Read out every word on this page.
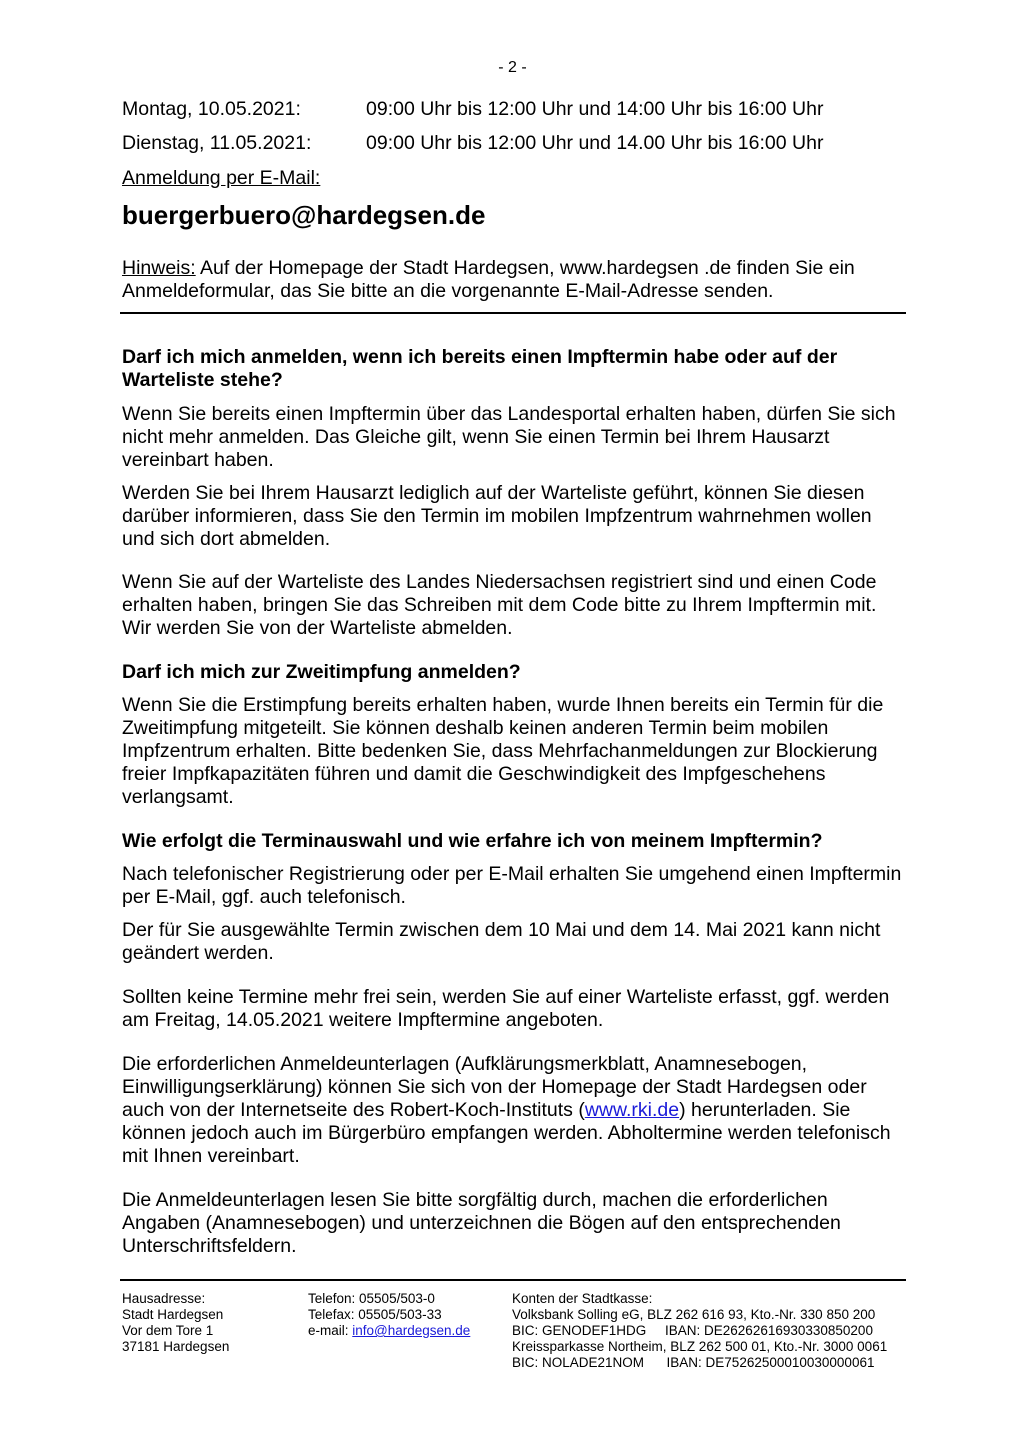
- 2 -
Montag, 10.05.2021:	09:00 Uhr bis 12:00 Uhr und 14:00 Uhr bis 16:00 Uhr
Dienstag, 11.05.2021:	09:00 Uhr bis 12:00 Uhr und 14.00 Uhr bis 16:00 Uhr
Anmeldung per E-Mail:
buergerbuero@hardegsen.de
Hinweis: Auf der Homepage der Stadt Hardegsen, www.hardegsen .de finden Sie ein Anmeldeformular, das Sie bitte an die vorgenannte E-Mail-Adresse senden.
Darf ich mich anmelden, wenn ich bereits einen Impftermin habe oder auf der Warteliste stehe?

Wenn Sie bereits einen Impftermin über das Landesportal erhalten haben, dürfen Sie sich nicht mehr anmelden. Das Gleiche gilt, wenn Sie einen Termin bei Ihrem Hausarzt vereinbart haben.

Werden Sie bei Ihrem Hausarzt lediglich auf der Warteliste geführt, können Sie diesen darüber informieren, dass Sie den Termin im mobilen Impfzentrum wahrnehmen wollen und sich dort abmelden.

Wenn Sie auf der Warteliste des Landes Niedersachsen registriert sind und einen Code erhalten haben, bringen Sie das Schreiben mit dem Code bitte zu Ihrem Impftermin mit. Wir werden Sie von der Warteliste abmelden.

Darf ich mich zur Zweitimpfung anmelden?

Wenn Sie die Erstimpfung bereits erhalten haben, wurde Ihnen bereits ein Termin für die Zweitimpfung mitgeteilt. Sie können deshalb keinen anderen Termin beim mobilen Impfzentrum erhalten. Bitte bedenken Sie, dass Mehrfachanmeldungen zur Blockierung freier Impfkapazitäten führen und damit die Geschwindigkeit des Impfgeschehens verlangsamt.

Wie erfolgt die Terminauswahl und wie erfahre ich von meinem Impftermin?

Nach telefonischer Registrierung oder per E-Mail erhalten Sie umgehend einen Impftermin per E-Mail, ggf. auch telefonisch.

Der für Sie ausgewählte Termin zwischen dem 10 Mai und dem 14. Mai 2021 kann nicht geändert werden.

Sollten keine Termine mehr frei sein, werden Sie auf einer Warteliste erfasst, ggf. werden am Freitag, 14.05.2021 weitere Impftermine angeboten.

Die erforderlichen Anmeldeunterlagen (Aufklärungsmerkblatt, Anamnesebogen, Einwilligungserklärung) können Sie sich von der Homepage der Stadt Hardegsen oder auch von der Internetseite des Robert-Koch-Instituts (www.rki.de) herunterladen. Sie können jedoch auch im Bürgerbüro empfangen werden. Abholtermine werden telefonisch mit Ihnen vereinbart.

Die Anmeldeunterlagen lesen Sie bitte sorgfältig durch, machen die erforderlichen Angaben (Anamnesebogen) und unterzeichnen die Bögen auf den entsprechenden Unterschriftsfeldern.

Hausadresse:
Stadt Hardegsen
Vor dem Tore 1
37181 Hardegsen
Telefon: 05505/503-0
Telefax: 05505/503-33
e-mail: info@hardegsen.de
Konten der Stadtkasse:
Volksbank Solling eG, BLZ 262 616 93, Kto.-Nr. 330 850 200
BIC: GENODEF1HDG     IBAN: DE26262616930330850200
Kreissparkasse Northeim, BLZ 262 500 01, Kto.-Nr. 3000 0061
BIC: NOLADE21NOM      IBAN: DE75262500010030000061
